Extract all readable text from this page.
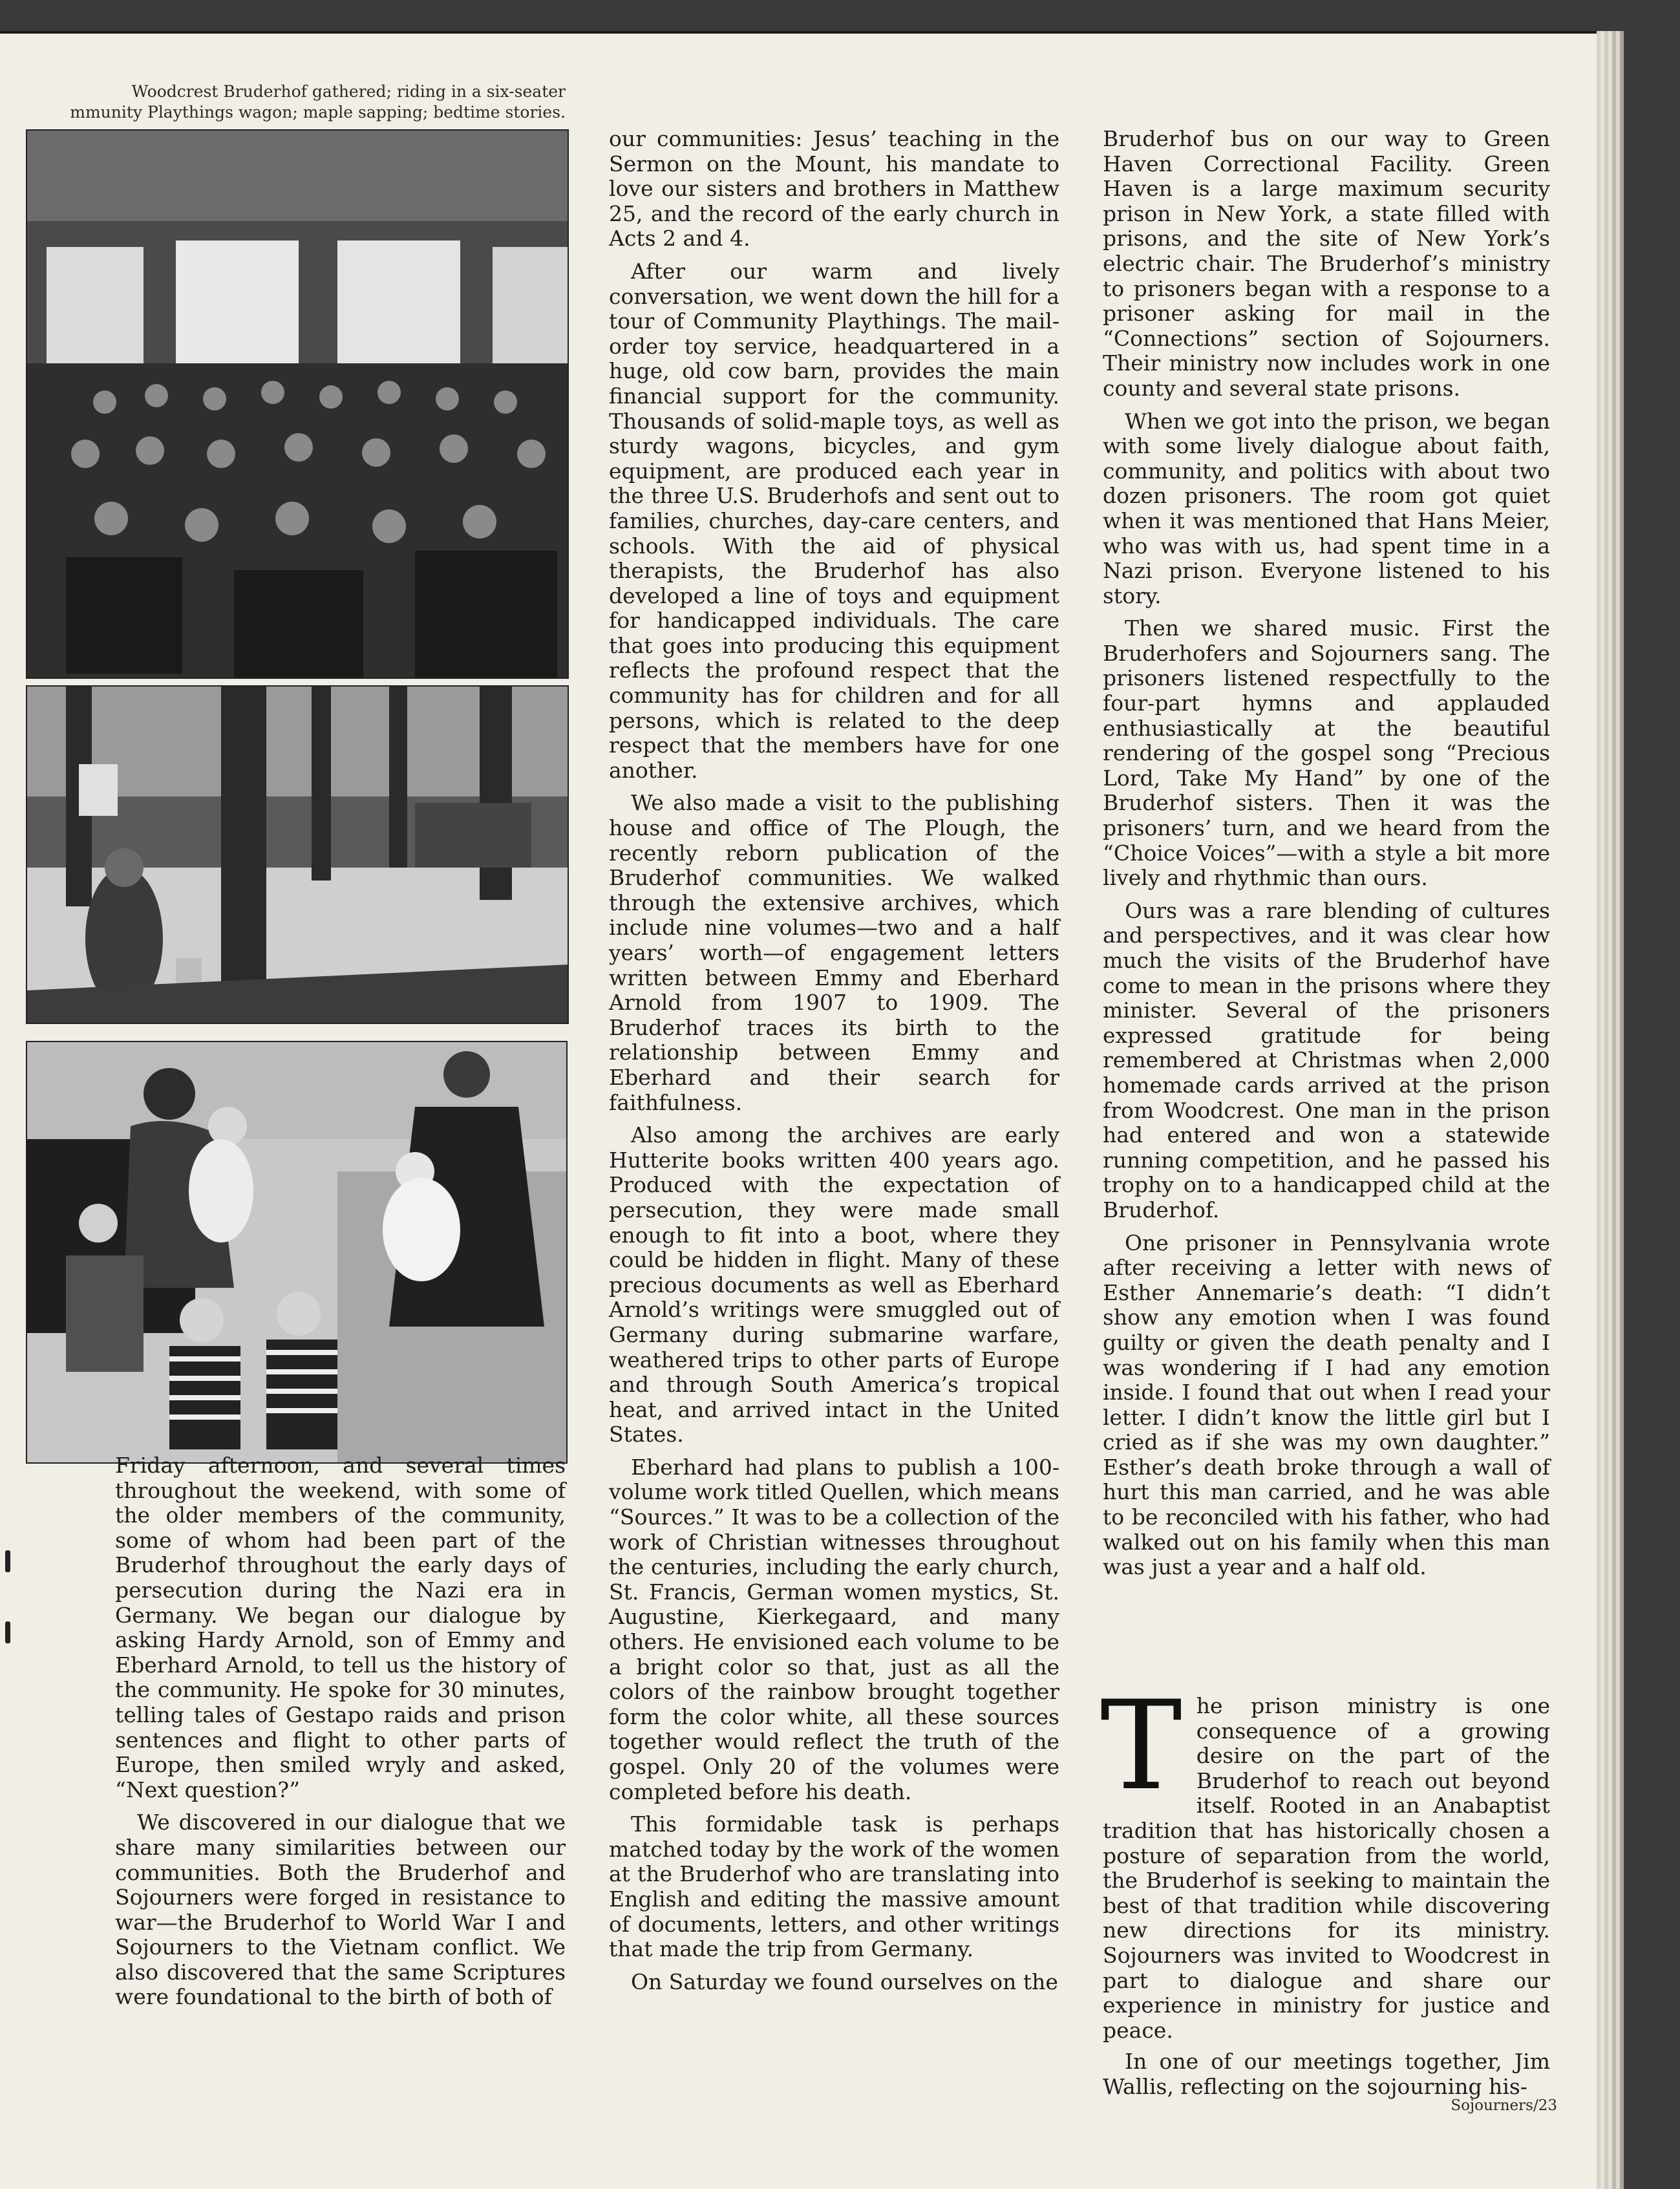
Woodcrest Bruderhof gathered; riding in a six-seater
mmunity Playthings wagon; maple sapping; bedtime stories.

Friday afternoon, and several times throughout the weekend, with some of the older members of the community, some of whom had been part of the Bruderhof throughout the early days of persecution during the Nazi era in Germany. We began our dialogue by asking Hardy Arnold, son of Emmy and Eberhard Arnold, to tell us the history of the community. He spoke for 30 minutes, telling tales of Gestapo raids and prison sentences and flight to other parts of Europe, then smiled wryly and asked, “Next question?”

We discovered in our dialogue that we share many similarities between our communities. Both the Bruderhof and Sojourners were forged in resistance to war—the Bruderhof to World War I and Sojourners to the Vietnam conflict. We also discovered that the same Scriptures were foundational to the birth of both of

our communities: Jesus’ teaching in the Sermon on the Mount, his mandate to love our sisters and brothers in Matthew 25, and the record of the early church in Acts 2 and 4.

After our warm and lively conversation, we went down the hill for a tour of Community Playthings. The mail-order toy service, headquartered in a huge, old cow barn, provides the main financial support for the community. Thousands of solid-maple toys, as well as sturdy wagons, bicycles, and gym equipment, are produced each year in the three U.S. Bruderhofs and sent out to families, churches, day-care centers, and schools. With the aid of physical therapists, the Bruderhof has also developed a line of toys and equipment for handicapped individuals. The care that goes into producing this equipment reflects the profound respect that the community has for children and for all persons, which is related to the deep respect that the members have for one another.

We also made a visit to the publishing house and office of The Plough, the recently reborn publication of the Bruderhof communities. We walked through the extensive archives, which include nine volumes—two and a half years’ worth—of engagement letters written between Emmy and Eberhard Arnold from 1907 to 1909. The Bruderhof traces its birth to the relationship between Emmy and Eberhard and their search for faithfulness.

Also among the archives are early Hutterite books written 400 years ago. Produced with the expectation of persecution, they were made small enough to fit into a boot, where they could be hidden in flight. Many of these precious documents as well as Eberhard Arnold’s writings were smuggled out of Germany during submarine warfare, weathered trips to other parts of Europe and through South America’s tropical heat, and arrived intact in the United States.

Eberhard had plans to publish a 100-volume work titled Quellen, which means “Sources.” It was to be a collection of the work of Christian witnesses throughout the centuries, including the early church, St. Francis, German women mystics, St. Augustine, Kierkegaard, and many others. He envisioned each volume to be a bright color so that, just as all the colors of the rainbow brought together form the color white, all these sources together would reflect the truth of the gospel. Only 20 of the volumes were completed before his death.

This formidable task is perhaps matched today by the work of the women at the Bruderhof who are translating into English and editing the massive amount of documents, letters, and other writings that made the trip from Germany.

On Saturday we found ourselves on the

Bruderhof bus on our way to Green Haven Correctional Facility. Green Haven is a large maximum security prison in New York, a state filled with prisons, and the site of New York’s electric chair. The Bruderhof’s ministry to prisoners began with a response to a prisoner asking for mail in the “Connections” section of Sojourners. Their ministry now includes work in one county and several state prisons.

When we got into the prison, we began with some lively dialogue about faith, community, and politics with about two dozen prisoners. The room got quiet when it was mentioned that Hans Meier, who was with us, had spent time in a Nazi prison. Everyone listened to his story.

Then we shared music. First the Bruderhofers and Sojourners sang. The prisoners listened respectfully to the four-part hymns and applauded enthusiastically at the beautiful rendering of the gospel song “Precious Lord, Take My Hand” by one of the Bruderhof sisters. Then it was the prisoners’ turn, and we heard from the “Choice Voices”—with a style a bit more lively and rhythmic than ours.

Ours was a rare blending of cultures and perspectives, and it was clear how much the visits of the Bruderhof have come to mean in the prisons where they minister. Several of the prisoners expressed gratitude for being remembered at Christmas when 2,000 homemade cards arrived at the prison from Woodcrest. One man in the prison had entered and won a statewide running competition, and he passed his trophy on to a handicapped child at the Bruderhof.

One prisoner in Pennsylvania wrote after receiving a letter with news of Esther Annemarie’s death: “I didn’t show any emotion when I was found guilty or given the death penalty and I was wondering if I had any emotion inside. I found that out when I read your letter. I didn’t know the little girl but I cried as if she was my own daughter.” Esther’s death broke through a wall of hurt this man carried, and he was able to be reconciled with his father, who had walked out on his family when this man was just a year and a half old.

The prison ministry is one consequence of a growing desire on the part of the Bruderhof to reach out beyond itself. Rooted in an Anabaptist tradition that has historically chosen a posture of separation from the world, the Bruderhof is seeking to maintain the best of that tradition while discovering new directions for its ministry. Sojourners was invited to Woodcrest in part to dialogue and share our experience in ministry for justice and peace.

In one of our meetings together, Jim Wallis, reflecting on the sojourning his-

Sojourners/23
